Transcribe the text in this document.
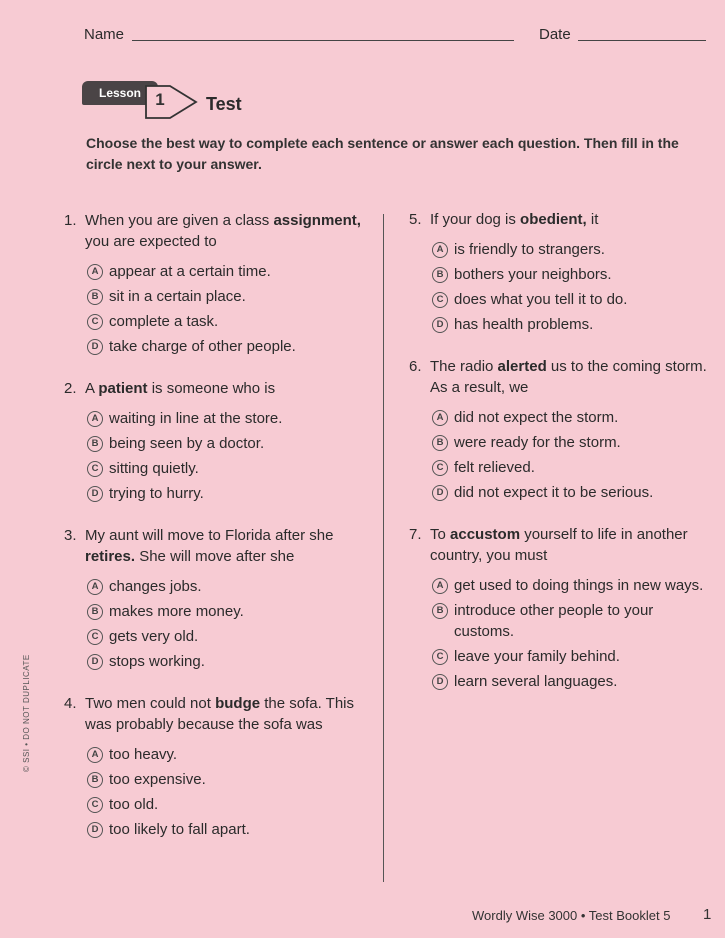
Name	Date
Lesson 1	Test
Choose the best way to complete each sentence or answer each question. Then fill in the circle next to your answer.
1. When you are given a class assignment, you are expected to
A appear at a certain time.
B sit in a certain place.
C complete a task.
D take charge of other people.
2. A patient is someone who is
A waiting in line at the store.
B being seen by a doctor.
C sitting quietly.
D trying to hurry.
3. My aunt will move to Florida after she retires. She will move after she
A changes jobs.
B makes more money.
C gets very old.
D stops working.
4. Two men could not budge the sofa. This was probably because the sofa was
A too heavy.
B too expensive.
C too old.
D too likely to fall apart.
5. If your dog is obedient, it
A is friendly to strangers.
B bothers your neighbors.
C does what you tell it to do.
D has health problems.
6. The radio alerted us to the coming storm. As a result, we
A did not expect the storm.
B were ready for the storm.
C felt relieved.
D did not expect it to be serious.
7. To accustom yourself to life in another country, you must
A get used to doing things in new ways.
B introduce other people to your customs.
C leave your family behind.
D learn several languages.
© SSI • DO NOT DUPLICATE
Wordly Wise 3000 • Test Booklet 5 1
